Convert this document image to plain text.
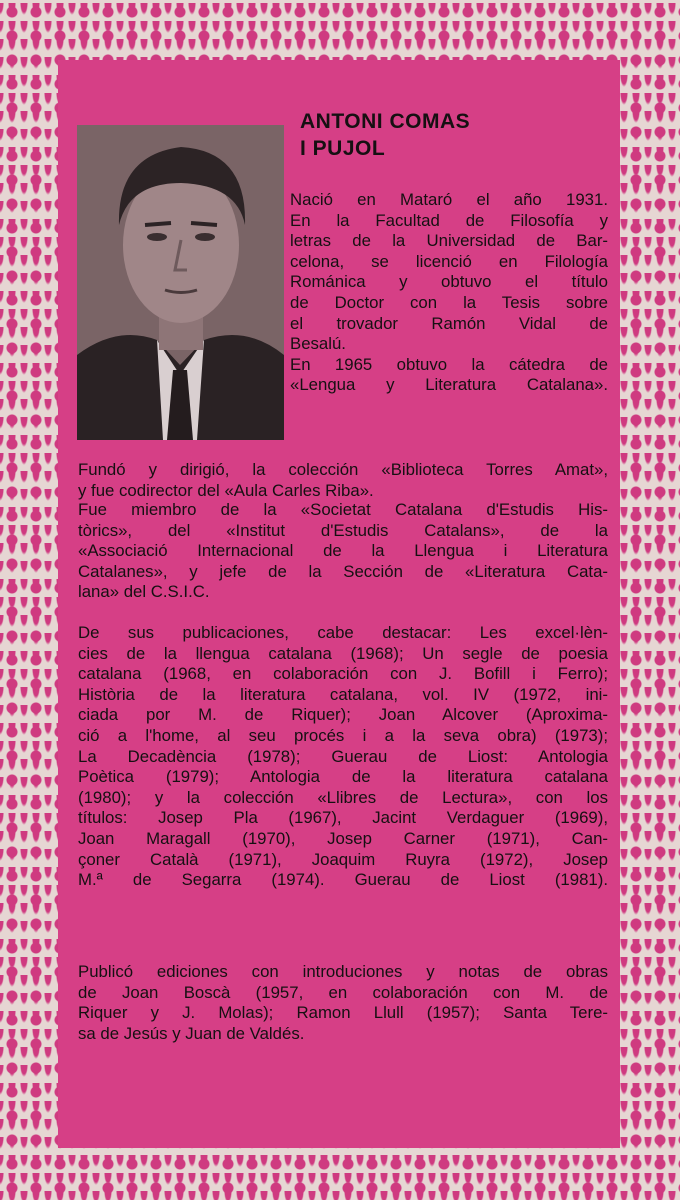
ANTONI COMAS
I PUJOL

Nació en Mataró el año 1931.
En la Facultad de Filosofía y
letras de la Universidad de Bar-
celona, se licenció en Filología
Románica y obtuvo el título
de Doctor con la Tesis sobre
el trovador Ramón Vidal de
Besalú.
En 1965 obtuvo la cátedra de
«Lengua y Literatura Catalana».

Fundó y dirigió, la colección «Biblioteca Torres Amat»,
y fue codirector del «Aula Carles Riba».

Fue miembro de la «Societat Catalana d'Estudis His-
tòrics», del «Institut d'Estudis Catalans», de la
«Associació Internacional de la Llengua i Literatura
Catalanes», y jefe de la Sección de «Literatura Cata-
lana» del C.S.I.C.

De sus publicaciones, cabe destacar: Les excel·lèn-
cies de la llengua catalana (1968); Un segle de poesia
catalana (1968, en colaboración con J. Bofill i Ferro);
Història de la literatura catalana, vol. IV (1972, ini-
ciada por M. de Riquer); Joan Alcover (Aproxima-
ció a l'home, al seu procés i a la seva obra) (1973);
La Decadència (1978); Guerau de Liost: Antologia
Poètica (1979); Antologia de la literatura catalana
(1980); y la colección «Llibres de Lectura», con los
títulos: Josep Pla (1967), Jacint Verdaguer (1969),
Joan Maragall (1970), Josep Carner (1971), Can-
çoner Català (1971), Joaquim Ruyra (1972), Josep
M.ª de Segarra (1974). Guerau de Liost (1981).

Publicó ediciones con introduciones y notas de obras
de Joan Boscà (1957, en colaboración con M. de
Riquer y J. Molas); Ramon Llull (1957); Santa Tere-
sa de Jesús y Juan de Valdés.
